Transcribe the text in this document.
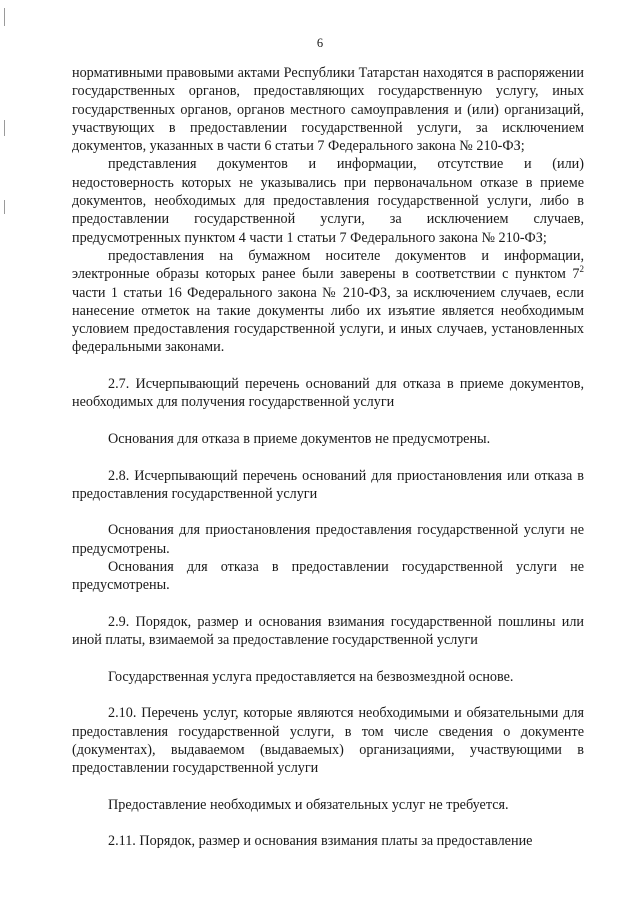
6

нормативными правовыми актами Республики Татарстан находятся в распоряжении государственных органов, предоставляющих государственную услугу, иных государственных органов, органов местного самоуправления и (или) организаций, участвующих в предоставлении государственной услуги, за исключением документов, указанных в части 6 статьи 7 Федерального закона № 210-ФЗ;

представления документов и информации, отсутствие и (или) недостоверность которых не указывались при первоначальном отказе в приеме документов, необходимых для предоставления государственной услуги, либо в предоставлении государственной услуги, за исключением случаев, предусмотренных пунктом 4 части 1 статьи 7 Федерального закона № 210-ФЗ;

предоставления на бумажном носителе документов и информации, электронные образы которых ранее были заверены в соответствии с пунктом $7^2$ части 1 статьи 16 Федерального закона № 210-ФЗ, за исключением случаев, если нанесение отметок на такие документы либо их изъятие является необходимым условием предоставления государственной услуги, и иных случаев, установленных федеральными законами.

2.7. Исчерпывающий перечень оснований для отказа в приеме документов, необходимых для получения государственной услуги

Основания для отказа в приеме документов не предусмотрены.

2.8. Исчерпывающий перечень оснований для приостановления или отказа в предоставления государственной услуги

Основания для приостановления предоставления государственной услуги не предусмотрены.

Основания для отказа в предоставлении государственной услуги не предусмотрены.

2.9. Порядок, размер и основания взимания государственной пошлины или иной платы, взимаемой за предоставление государственной услуги

Государственная услуга предоставляется на безвозмездной основе.

2.10. Перечень услуг, которые являются необходимыми и обязательными для предоставления государственной услуги, в том числе сведения о документе (документах), выдаваемом (выдаваемых) организациями, участвующими в предоставлении государственной услуги

Предоставление необходимых и обязательных услуг не требуется.

2.11. Порядок, размер и основания взимания платы за предоставление
